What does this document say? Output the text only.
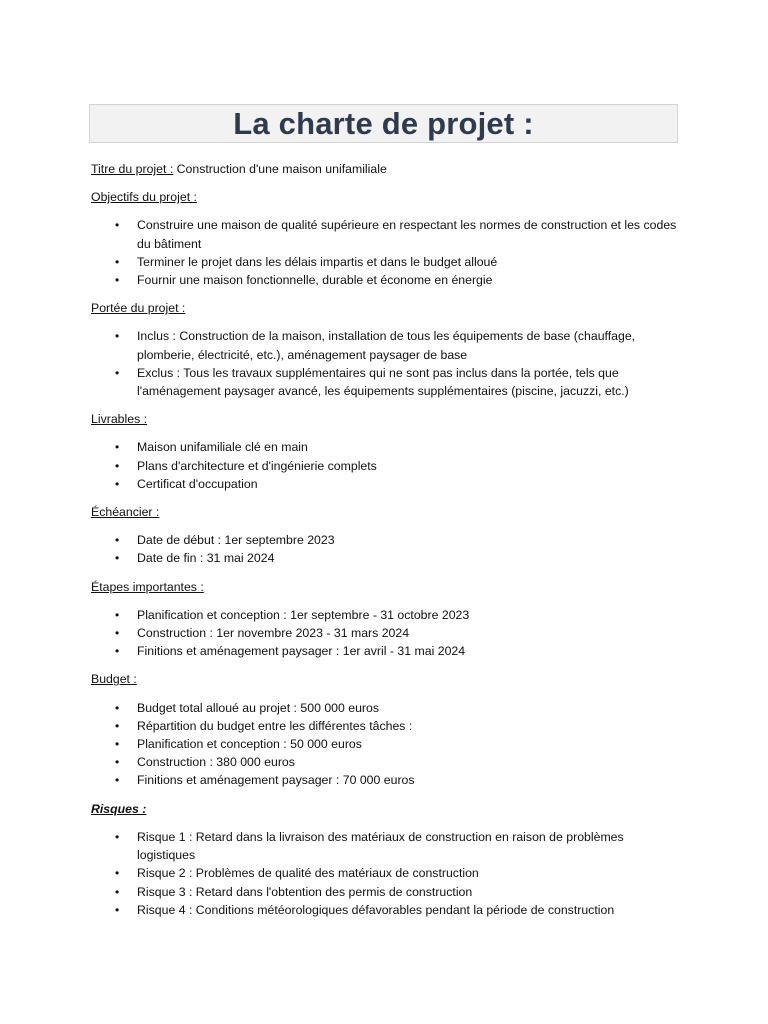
La charte de projet :

Titre du projet : Construction d'une maison unifamiliale

Objectifs du projet :

• Construire une maison de qualité supérieure en respectant les normes de construction et les codes du bâtiment
• Terminer le projet dans les délais impartis et dans le budget alloué
• Fournir une maison fonctionnelle, durable et économe en énergie

Portée du projet :

• Inclus : Construction de la maison, installation de tous les équipements de base (chauffage, plomberie, électricité, etc.), aménagement paysager de base
• Exclus : Tous les travaux supplémentaires qui ne sont pas inclus dans la portée, tels que l'aménagement paysager avancé, les équipements supplémentaires (piscine, jacuzzi, etc.)

Livrables :

• Maison unifamiliale clé en main
• Plans d'architecture et d'ingénierie complets
• Certificat d'occupation

Échéancier :

• Date de début : 1er septembre 2023
• Date de fin : 31 mai 2024

Étapes importantes :

• Planification et conception : 1er septembre - 31 octobre 2023
• Construction : 1er novembre 2023 - 31 mars 2024
• Finitions et aménagement paysager : 1er avril - 31 mai 2024

Budget :

• Budget total alloué au projet : 500 000 euros
• Répartition du budget entre les différentes tâches :
• Planification et conception : 50 000 euros
• Construction : 380 000 euros
• Finitions et aménagement paysager : 70 000 euros

Risques :

• Risque 1 : Retard dans la livraison des matériaux de construction en raison de problèmes logistiques
• Risque 2 : Problèmes de qualité des matériaux de construction
• Risque 3 : Retard dans l'obtention des permis de construction
• Risque 4 : Conditions météorologiques défavorables pendant la période de construction
